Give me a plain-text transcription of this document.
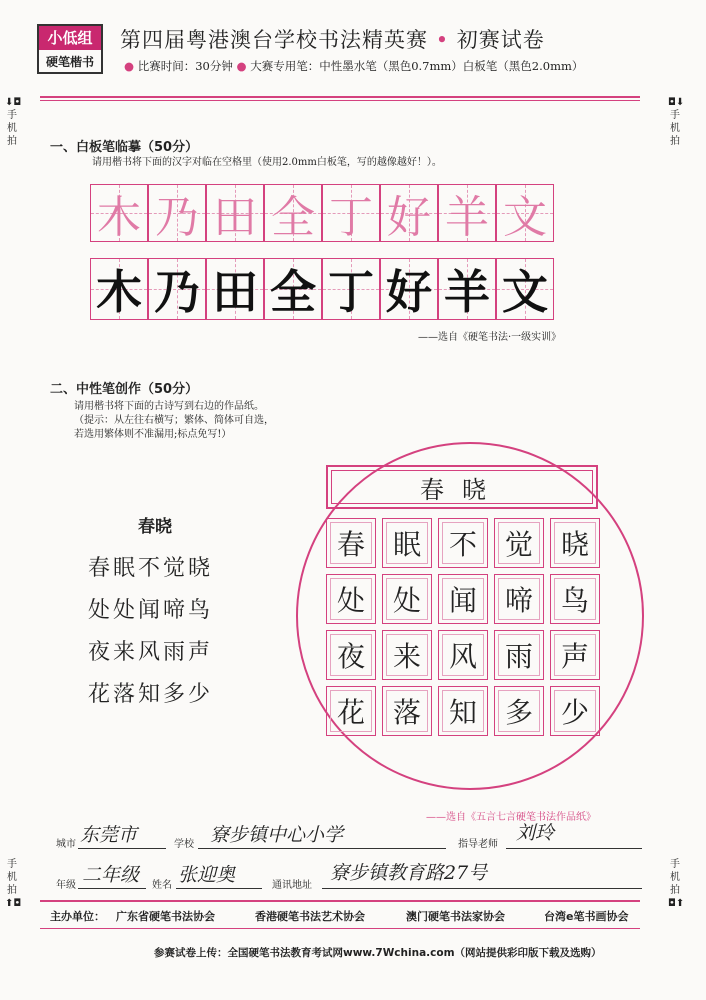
小低组
硬笔楷书
第四届粤港澳台学校书法精英赛 • 初赛试卷
● 比赛时间：30分钟 ● 大赛专用笔：中性墨水笔（黑色0.7mm）白板笔（黑色2.0mm）
⬇◘
手机拍
◘⬇
手机拍
手机拍
⬆◘
手机拍
◘⬆
一、白板笔临摹（50分）
请用楷书将下面的汉字对临在空格里（使用2.0mm白板笔，写的越像越好！）。
木 乃 田 全 丁 好 羊 文
木 乃 田 全 丁 好 羊 文
——选自《硬笔书法·一级实训》
二、中性笔创作（50分）
请用楷书将下面的古诗写到右边的作品纸。
（提示：从左往右横写；繁体、简体可自选，
若选用繁体则不准漏用;标点免写!）
春晓
春眠不觉晓
处处闻啼鸟
夜来风雨声
花落知多少
春晓
春 眠 不 觉 晓
处 处 闻 啼 鸟
夜 来 风 雨 声
花 落 知 多 少
——选自《五言七言硬笔书法作品纸》
城市 东莞市	学校 寮步镇中心小学	指导老师
刘玲
年级 二年级 姓名 张迎奥	通讯地址
寮步镇教育路27号
主办单位： 广东省硬笔书法协会	香港硬笔书法艺术协会	澳门硬笔书法家协会	台湾e笔书画协会
参赛试卷上传：全国硬笔书法教育考试网www.7Wchina.com（网站提供彩印版下载及选购）
